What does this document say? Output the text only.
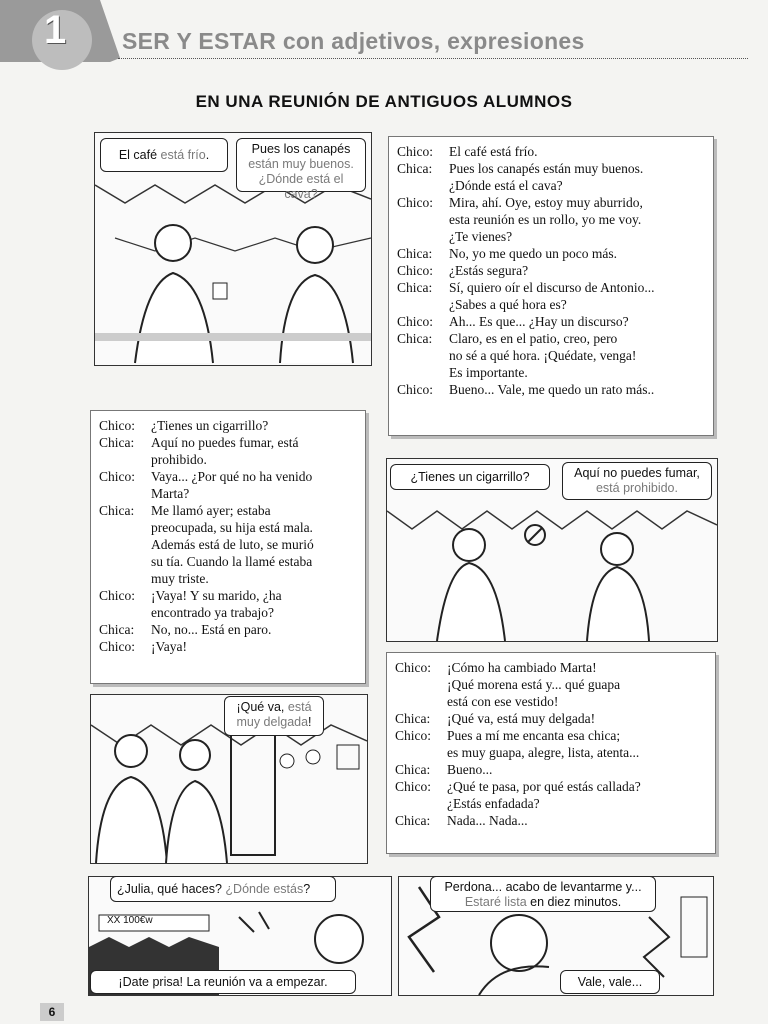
1 SER Y ESTAR con adjetivos, expresiones
EN UNA REUNIÓN DE ANTIGUOS ALUMNOS
El café está frío.	Pues los canapés
están muy buenos.
¿Dónde está el cava?
Chico:	El café está frío.
Chica:	Pues los canapés están muy buenos.
¿Dónde está el cava?
Chico:	Mira, ahí. Oye, estoy muy aburrido,
esta reunión es un rollo, yo me voy.
¿Te vienes?
Chica:	No, yo me quedo un poco más.
Chico:	¿Estás segura?
Chica:	Sí, quiero oír el discurso de Antonio...
¿Sabes a qué hora es?
Chico:	Ah... Es que... ¿Hay un discurso?
Chica:	Claro, es en el patio, creo, pero
no sé a qué hora. ¡Quédate, venga!
Es importante.
Chico:	Bueno... Vale, me quedo un rato más..
Chico:	¿Tienes un cigarrillo?
Chica:	Aquí no puedes fumar, está
prohibido.
Chico:	Vaya... ¿Por qué no ha venido
Marta?
Chica:	Me llamó ayer; estaba
preocupada, su hija está mala.
Además está de luto, se murió
su tía. Cuando la llamé estaba
muy triste.
Chico:	¡Vaya! Y su marido, ¿ha
encontrado ya trabajo?
Chica:	No, no... Está en paro.
Chico:	¡Vaya!
¿Tienes un cigarrillo?	Aquí no puedes fumar,
está prohibido.
¡Qué va, está
muy delgada!
Chico:	¡Cómo ha cambiado Marta!
¡Qué morena está y... qué guapa
está con ese vestido!
Chica:	¡Qué va, está muy delgada!
Chico:	Pues a mí me encanta esa chica;
es muy guapa, alegre, lista, atenta...
Chica:	Bueno...
Chico:	¿Qué te pasa, por qué estás callada?
¿Estás enfadada?
Chica:	Nada... Nada...
XX 100€w
¿Julia, qué haces? ¿Dónde estás?
¡Date prisa! La reunión va a empezar.
Perdona... acabo de levantarme y...
Estaré lista en diez minutos.
Vale, vale...
6
